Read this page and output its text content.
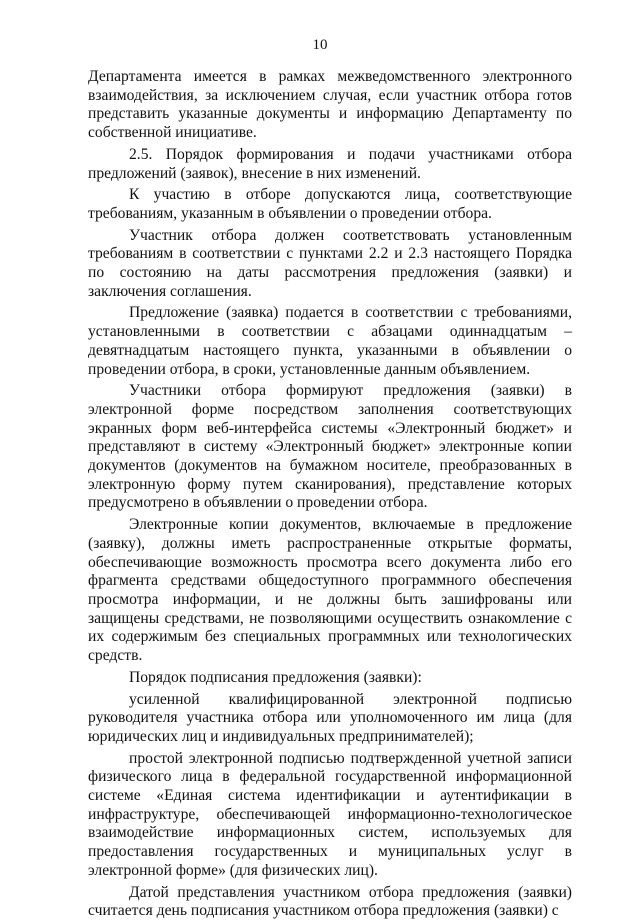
10

Департамента имеется в рамках межведомственного электронного взаимодействия, за исключением случая, если участник отбора готов представить указанные документы и информацию Департаменту по собственной инициативе.

2.5. Порядок формирования и подачи участниками отбора предложений (заявок), внесение в них изменений.

К участию в отборе допускаются лица, соответствующие требованиям, указанным в объявлении о проведении отбора.

Участник отбора должен соответствовать установленным требованиям в соответствии с пунктами 2.2 и 2.3 настоящего Порядка по состоянию на даты рассмотрения предложения (заявки) и заключения соглашения.

Предложение (заявка) подается в соответствии с требованиями, установленными в соответствии с абзацами одиннадцатым – девятнадцатым настоящего пункта, указанными в объявлении о проведении отбора, в сроки, установленные данным объявлением.

Участники отбора формируют предложения (заявки) в электронной форме посредством заполнения соответствующих экранных форм веб-интерфейса системы «Электронный бюджет» и представляют в систему «Электронный бюджет» электронные копии документов (документов на бумажном носителе, преобразованных в электронную форму путем сканирования), представление которых предусмотрено в объявлении о проведении отбора.

Электронные копии документов, включаемые в предложение (заявку), должны иметь распространенные открытые форматы, обеспечивающие возможность просмотра всего документа либо его фрагмента средствами общедоступного программного обеспечения просмотра информации, и не должны быть зашифрованы или защищены средствами, не позволяющими осуществить ознакомление с их содержимым без специальных программных или технологических средств.

Порядок подписания предложения (заявки):

усиленной квалифицированной электронной подписью руководителя участника отбора или уполномоченного им лица (для юридических лиц и индивидуальных предпринимателей);

простой электронной подписью подтвержденной учетной записи физического лица в федеральной государственной информационной системе «Единая система идентификации и аутентификации в инфраструктуре, обеспечивающей информационно-технологическое взаимодействие информационных систем, используемых для предоставления государственных и муниципальных услуг в электронной форме» (для физических лиц).

Датой представления участником отбора предложения (заявки) считается день подписания участником отбора предложения (заявки) с
